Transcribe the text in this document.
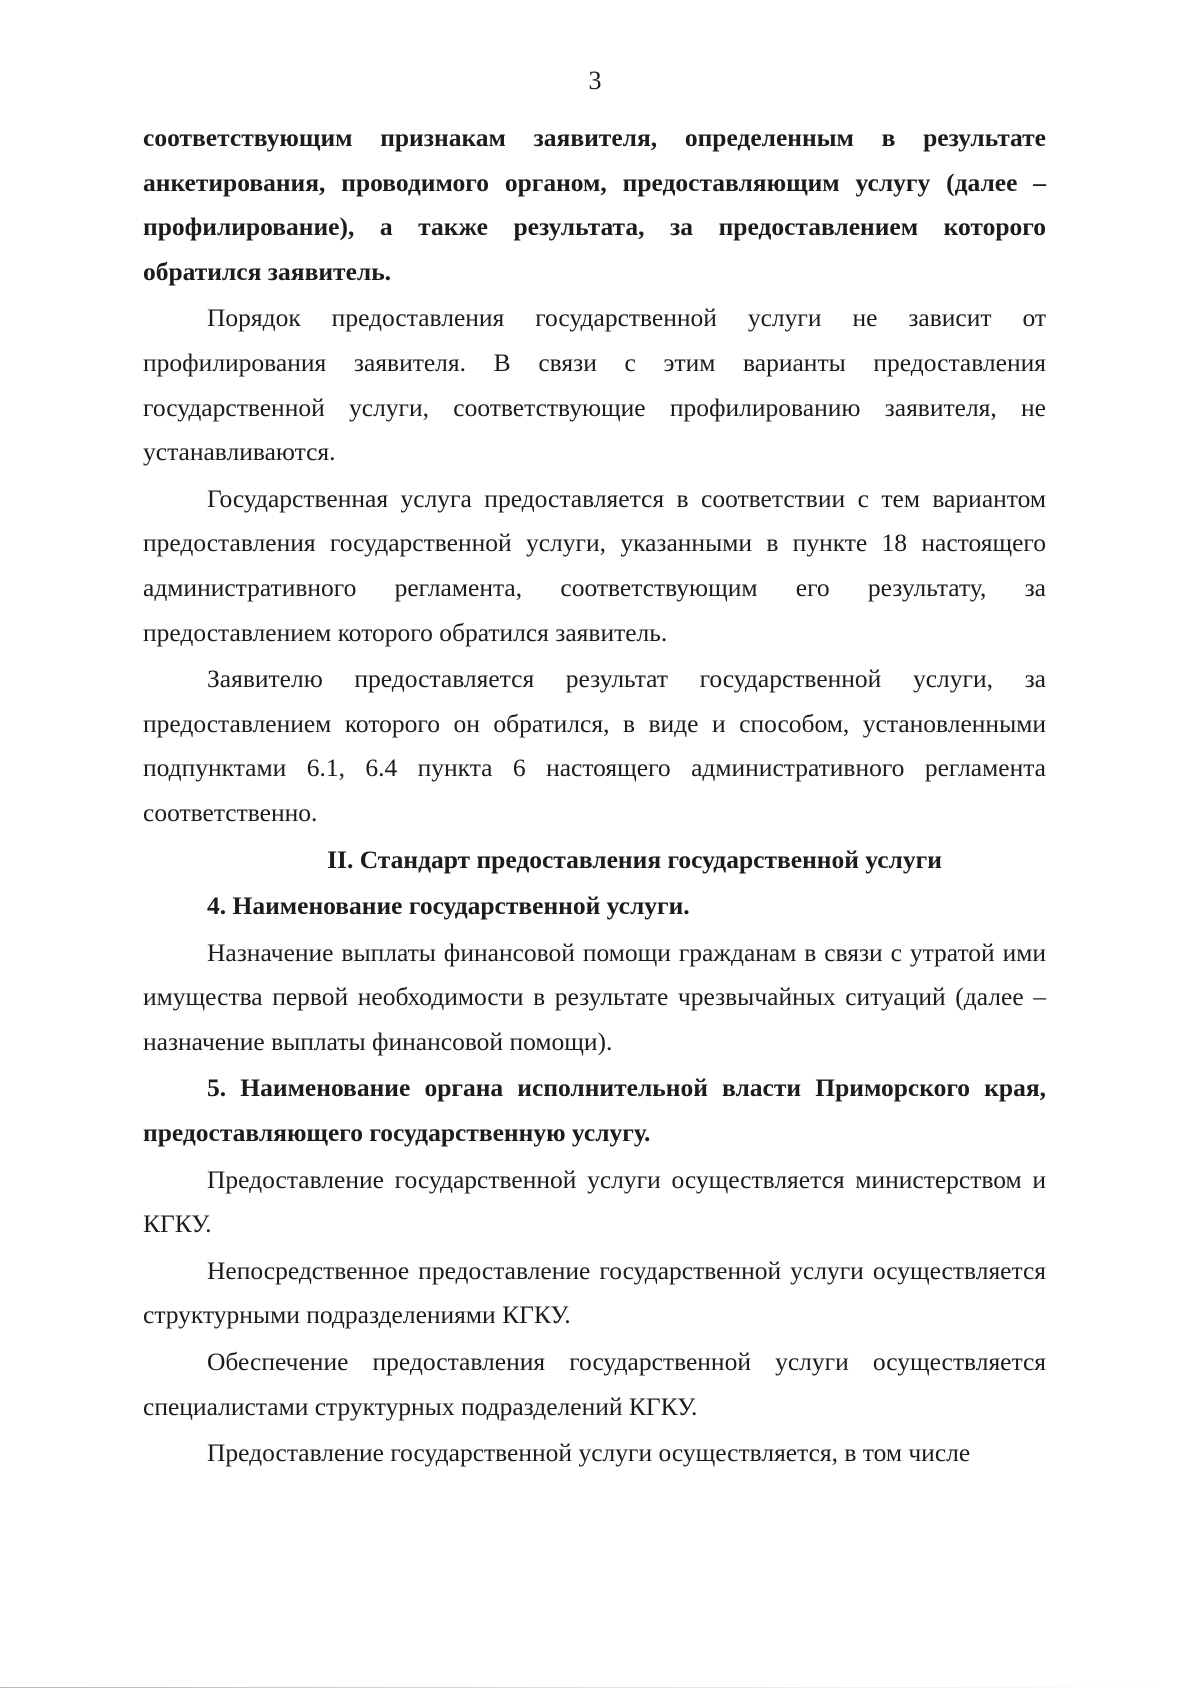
3

соответствующим признакам заявителя, определенным в результате анкетирования, проводимого органом, предоставляющим услугу (далее – профилирование), а также результата, за предоставлением которого обратился заявитель.

Порядок предоставления государственной услуги не зависит от профилирования заявителя. В связи с этим варианты предоставления государственной услуги, соответствующие профилированию заявителя, не устанавливаются.

Государственная услуга предоставляется в соответствии с тем вариантом предоставления государственной услуги, указанными в пункте 18 настоящего административного регламента, соответствующим его результату, за предоставлением которого обратился заявитель.

Заявителю предоставляется результат государственной услуги, за предоставлением которого он обратился, в виде и способом, установленными подпунктами 6.1, 6.4 пункта 6 настоящего административного регламента соответственно.

II. Стандарт предоставления государственной услуги

4. Наименование государственной услуги.

Назначение выплаты финансовой помощи гражданам в связи с утратой ими имущества первой необходимости в результате чрезвычайных ситуаций (далее – назначение выплаты финансовой помощи).

5. Наименование органа исполнительной власти Приморского края, предоставляющего государственную услугу.

Предоставление государственной услуги осуществляется министерством и КГКУ.

Непосредственное предоставление государственной услуги осуществляется структурными подразделениями КГКУ.

Обеспечение предоставления государственной услуги осуществляется специалистами структурных подразделений КГКУ.

Предоставление государственной услуги осуществляется, в том числе
